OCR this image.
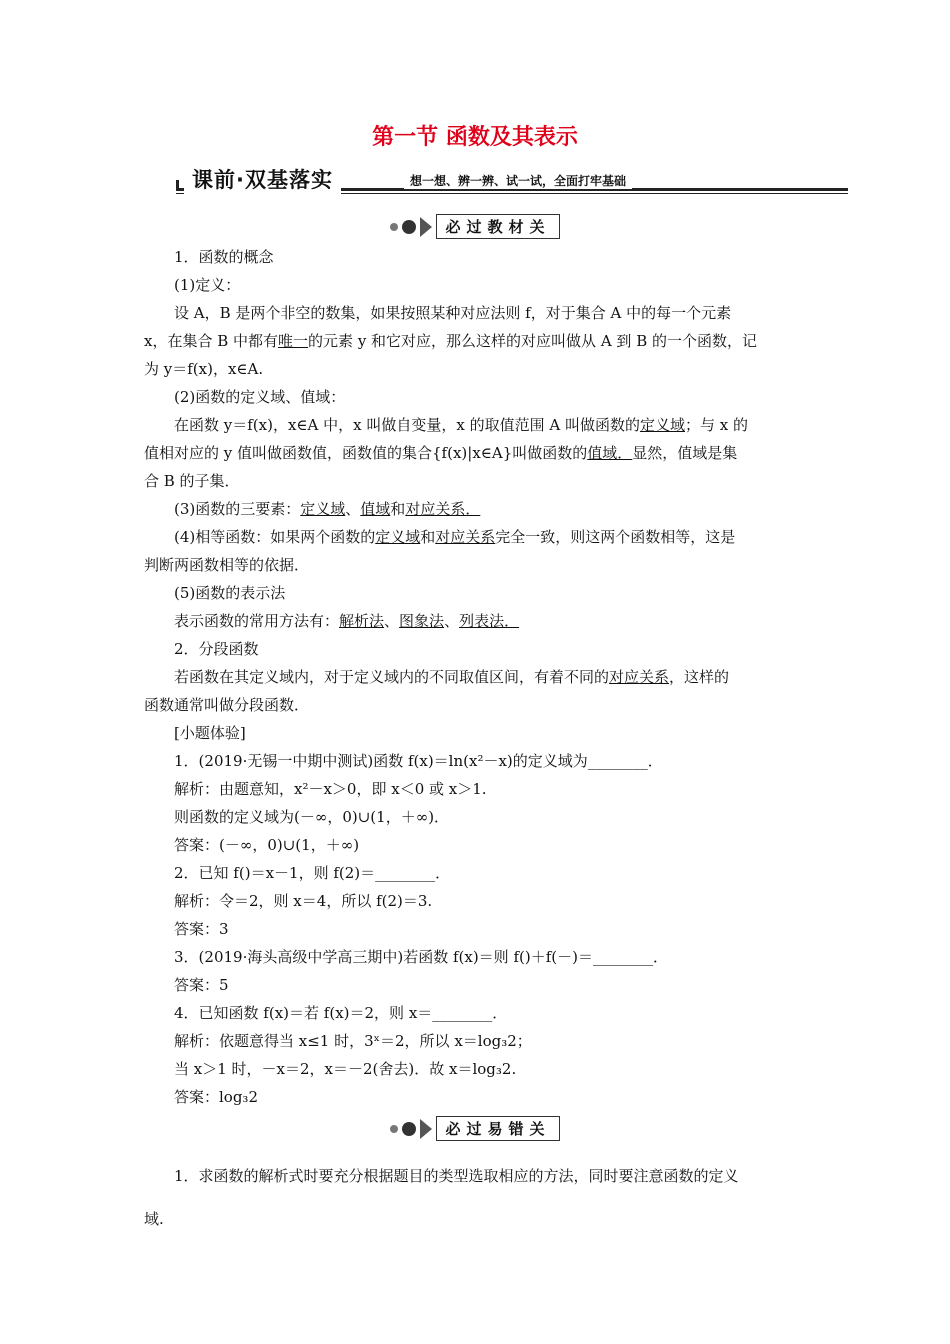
第一节 函数及其表示
课前·双基落实	想一想、辨一辨、试一试，全面打牢基础
必过教材关

1．函数的概念

(1)定义：

设 A，B 是两个非空的数集，如果按照某种对应法则 f，对于集合 A 中的每一个元素

x，在集合 B 中都有唯一的元素 y 和它对应，那么这样的对应叫做从 A 到 B 的一个函数，记

为 y＝f(x)，x∈A.

(2)函数的定义域、值域：

在函数 y＝f(x)，x∈A 中，x 叫做自变量，x 的取值范围 A 叫做函数的定义域；与 x 的

值相对应的 y 值叫做函数值，函数值的集合{f(x)|x∈A}叫做函数的值域．显然，值域是集

合 B 的子集．

(3)函数的三要素：定义域、值域和对应关系．

(4)相等函数：如果两个函数的定义域和对应关系完全一致，则这两个函数相等，这是

判断两函数相等的依据．

(5)函数的表示法

表示函数的常用方法有：解析法、图象法、列表法．

2．分段函数

若函数在其定义域内，对于定义域内的不同取值区间，有着不同的对应关系，这样的

函数通常叫做分段函数．

[小题体验]

1．(2019·无锡一中期中测试)函数 f(x)＝ln(x²－x)的定义域为________．

解析：由题意知，x²－x＞0，即 x＜0 或 x＞1.

则函数的定义域为(－∞，0)∪(1，＋∞)．

答案：(－∞，0)∪(1，＋∞)

2．已知 f()＝x－1，则 f(2)＝________．

解析：令＝2，则 x＝4，所以 f(2)＝3.

答案：3

3．(2019·海头高级中学高三期中)若函数 f(x)＝则 f()＋f(－)＝________．

答案：5

4．已知函数 f(x)＝若 f(x)＝2，则 x＝________．

解析：依题意得当 x≤1 时，3ˣ＝2，所以 x＝log₃2；

当 x＞1 时，－x＝2，x＝－2(舍去)．故 x＝log₃2.

答案：log₃2

必过易错关

1．求函数的解析式时要充分根据题目的类型选取相应的方法，同时要注意函数的定义

域.
